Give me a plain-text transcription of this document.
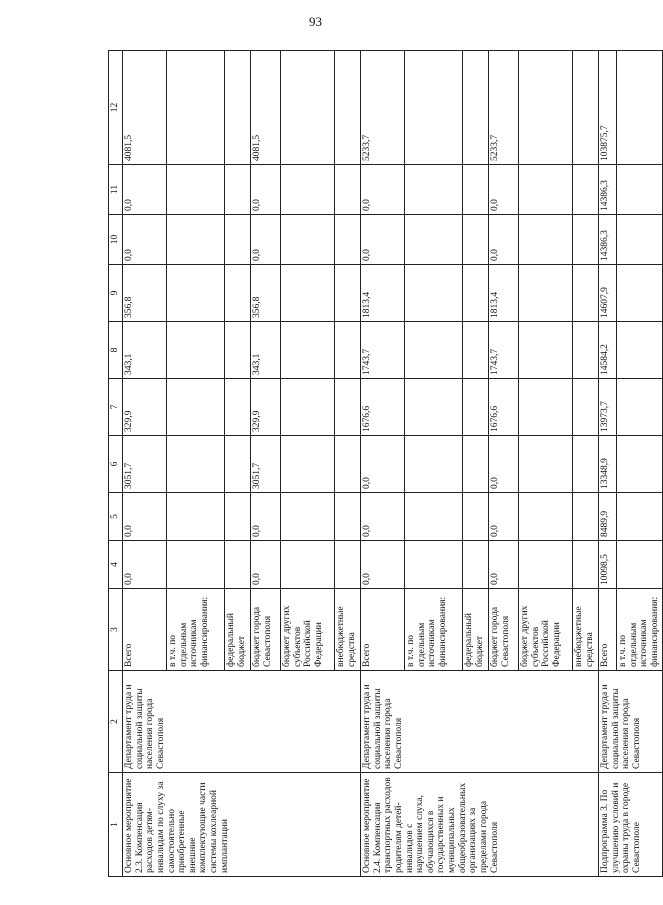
93
1	2	3	4	5	6	7	8	9	10	11	12
Основное мероприятие 2.3. Компенсация расходов детям-инвалидам по слуху за самостоятельно приобретенные внешние комплектующие части системы кохлеарной имплантации	Департамент труда и социальной защиты населения города Севастополя	Всего	0,0	0,0	3051,7	329,9	343,1	356,8	0,0	0,0	4081,5
		в т.ч. по отдельным источникам финансирования:									
		федеральный бюджет									
		бюджет города Севастополя	0,0	0,0	3051,7	329,9	343,1	356,8	0,0	0,0	4081,5
		бюджет других субъектов Российской Федерации									
		внебюджетные средства									
Основное мероприятие 2.4. Компенсация транспортных расходов родителям детей-инвалидов с нарушением слуха, обучающихся в государственных и муниципальных общеобразовательных организациях за пределами города Севастополя	Департамент труда и социальной защиты населения города Севастополя	Всего	0,0	0,0	0,0	1676,6	1743,7	1813,4	0,0	0,0	5233,7
		в т.ч. по отдельным источникам финансирования:									
		федеральный бюджет									
		бюджет города Севастополя	0,0	0,0	0,0	1676,6	1743,7	1813,4	0,0	0,0	5233,7
		бюджет других субъектов Российской Федерации									
		внебюджетные средства									
Подпрограмма 3. По улучшению условий и охраны труда в городе Севастополе	Департамент труда и социальной защиты населения города Севастополя	Всего	10098,5	8489,9	13348,9	13973,7	14584,2	14607,9	14386,3	14386,3	103875,7
		в т.ч. по отдельным источникам финансирования:									
